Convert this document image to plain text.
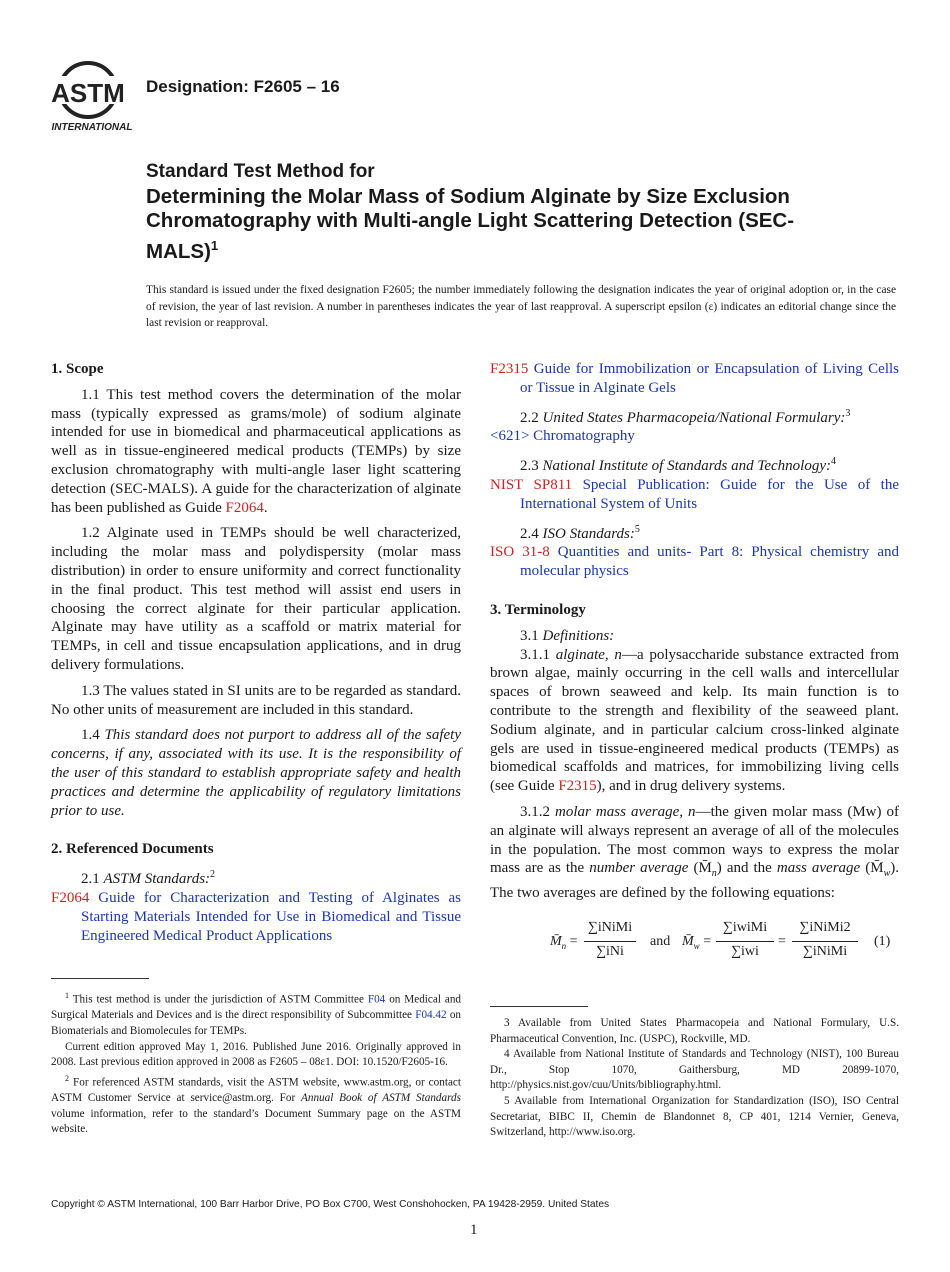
ASTM
INTERNATIONAL
Designation: F2605 – 16
Standard Test Method for
Determining the Molar Mass of Sodium Alginate by Size Exclusion Chromatography with Multi-angle Light Scattering Detection (SEC-MALS)$^1$
This standard is issued under the fixed designation F2605; the number immediately following the designation indicates the year of original adoption or, in the case of revision, the year of last revision. A number in parentheses indicates the year of last reapproval. A superscript epsilon (ε) indicates an editorial change since the last revision or reapproval.

1. Scope

1.1 This test method covers the determination of the molar mass (typically expressed as grams/mole) of sodium alginate intended for use in biomedical and pharmaceutical applications as well as in tissue-engineered medical products (TEMPs) by size exclusion chromatography with multi-angle laser light scattering detection (SEC-MALS). A guide for the characterization of alginate has been published as Guide F2064.

1.2 Alginate used in TEMPs should be well characterized, including the molar mass and polydispersity (molar mass distribution) in order to ensure uniformity and correct functionality in the final product. This test method will assist end users in choosing the correct alginate for their particular application. Alginate may have utility as a scaffold or matrix material for TEMPs, in cell and tissue encapsulation applications, and in drug delivery formulations.

1.3 The values stated in SI units are to be regarded as standard. No other units of measurement are included in this standard.

1.4 This standard does not purport to address all of the safety concerns, if any, associated with its use. It is the responsibility of the user of this standard to establish appropriate safety and health practices and determine the applicability of regulatory limitations prior to use.

2. Referenced Documents

2.1 ASTM Standards:$^2$

F2064 Guide for Characterization and Testing of Alginates as Starting Materials Intended for Use in Biomedical and Tissue Engineered Medical Product Applications

F2315 Guide for Immobilization or Encapsulation of Living Cells or Tissue in Alginate Gels

2.2 United States Pharmacopeia/National Formulary:$^3$

<621> Chromatography

2.3 National Institute of Standards and Technology:$^4$

NIST SP811 Special Publication: Guide for the Use of the International System of Units

2.4 ISO Standards:$^5$

ISO 31-8 Quantities and units- Part 8: Physical chemistry and molecular physics

3. Terminology

3.1 Definitions:

3.1.1 alginate, n—a polysaccharide substance extracted from brown algae, mainly occurring in the cell walls and intercellular spaces of brown seaweed and kelp. Its main function is to contribute to the strength and flexibility of the seaweed plant. Sodium alginate, and in particular calcium cross-linked alginate gels are used in tissue-engineered medical products (TEMPs) as biomedical scaffolds and matrices, for immobilizing living cells (see Guide F2315), and in drug delivery systems.

3.1.2 molar mass average, n—the given molar mass (Mw) of an alginate will always represent an average of all of the molecules in the population. The most common ways to express the molar mass are as the number average $(M̄_n)$ and the mass average $(M̄_w)$. The two averages are defined by the following equations:

$M̄_n$ =
∑iNiMi
∑iNi
and $M̄_w$ =
∑iwiMi
∑iwi
=
∑iNiMi2
∑iNiMi
(1)

$^1$ This test method is under the jurisdiction of ASTM Committee F04 on Medical and Surgical Materials and Devices and is the direct responsibility of Subcommittee F04.42 on Biomaterials and Biomolecules for TEMPs.

Current edition approved May 1, 2016. Published June 2016. Originally approved in 2008. Last previous edition approved in 2008 as F2605 – 08ε1. DOI: 10.1520/F2605-16.

$^2$ For referenced ASTM standards, visit the ASTM website, www.astm.org, or contact ASTM Customer Service at service@astm.org. For Annual Book of ASTM Standards volume information, refer to the standard’s Document Summary page on the ASTM website.

3 Available from United States Pharmacopeia and National Formulary, U.S. Pharmaceutical Convention, Inc. (USPC), Rockville, MD.

4 Available from National Institute of Standards and Technology (NIST), 100 Bureau Dr., Stop 1070, Gaithersburg, MD 20899-1070, http://physics.nist.gov/cuu/Units/bibliography.html.

5 Available from International Organization for Standardization (ISO), ISO Central Secretariat, BIBC II, Chemin de Blandonnet 8, CP 401, 1214 Vernier, Geneva, Switzerland, http://www.iso.org.

Copyright © ASTM International, 100 Barr Harbor Drive, PO Box C700, West Conshohocken, PA 19428-2959. United States
1
